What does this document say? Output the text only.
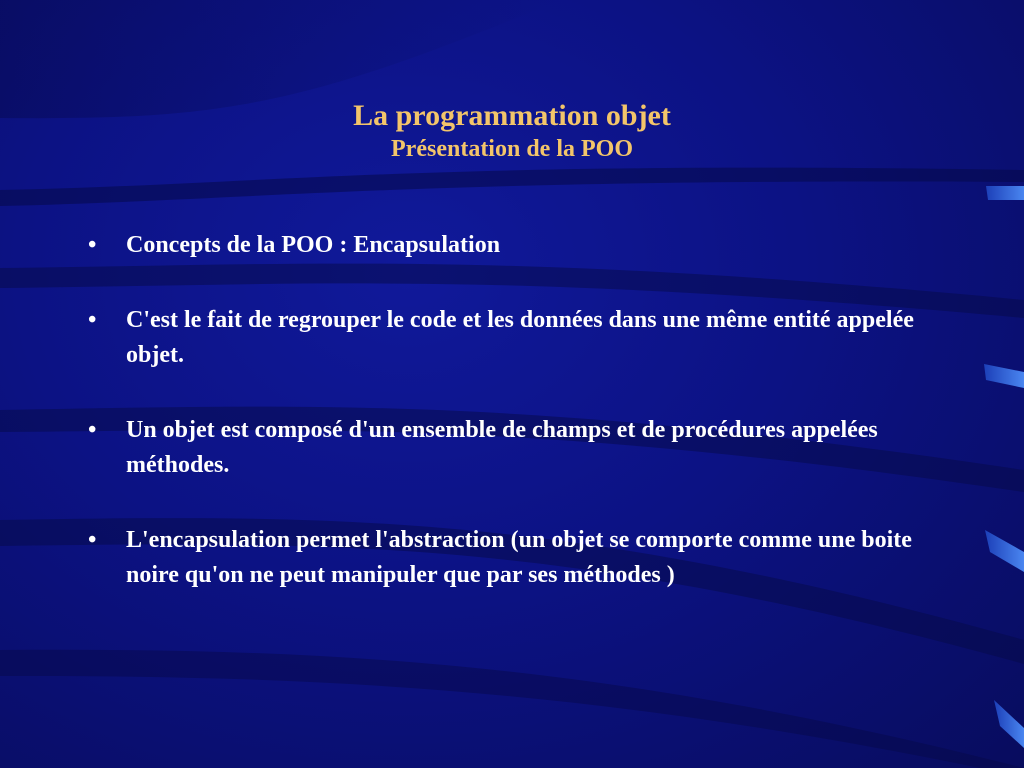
La programmation objet
Présentation de la POO
•	Concepts de la POO : Encapsulation
•	C'est le fait de regrouper le code et les données dans une même entité appelée objet.
•	Un objet est composé d'un ensemble de champs et de procédures appelées méthodes.
•	L'encapsulation permet l'abstraction (un objet se comporte comme une boite noire qu'on ne peut manipuler que par ses méthodes )
